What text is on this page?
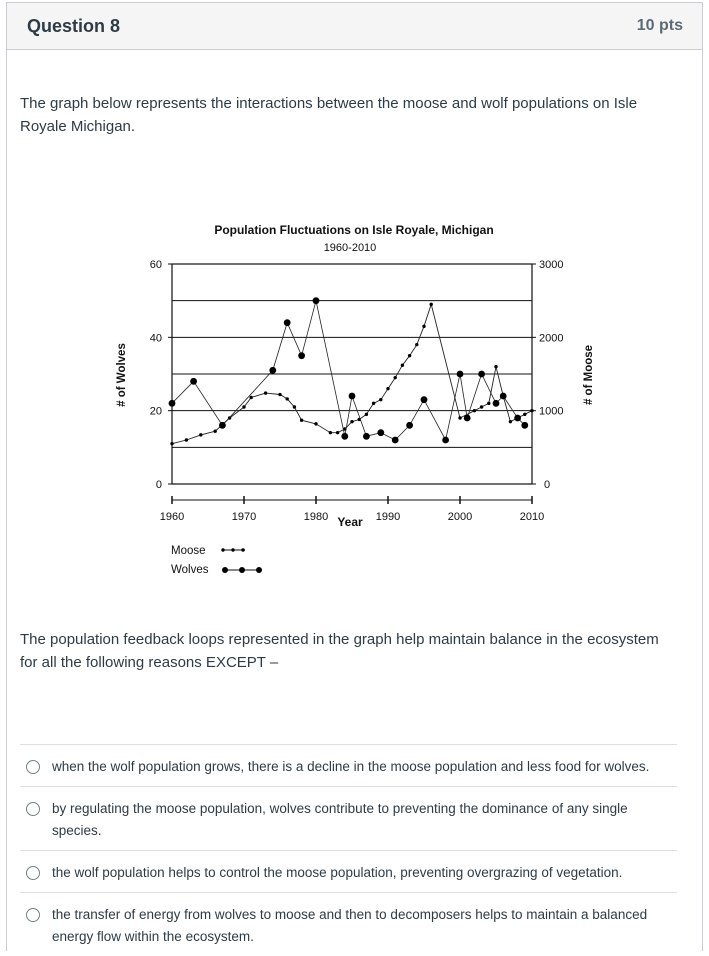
Question 8	10 pts
The graph below represents the interactions between the moose and wolf populations on Isle Royale Michigan.
0
20
40
60
0
1000
2000
3000
1960	1970	1980	1990	2000	2010
Population Fluctuations on Isle Royale, Michigan
1960-2010
Year
# of Wolves	# of Moose
Moose
Wolves
The population feedback loops represented in the graph help maintain balance in the ecosystem for all the following reasons EXCEPT –
when the wolf population grows, there is a decline in the moose population and less food for wolves.
by regulating the moose population, wolves contribute to preventing the dominance of any single species.
the wolf population helps to control the moose population, preventing overgrazing of vegetation.
the transfer of energy from wolves to moose and then to decomposers helps to maintain a balanced energy flow within the ecosystem.
